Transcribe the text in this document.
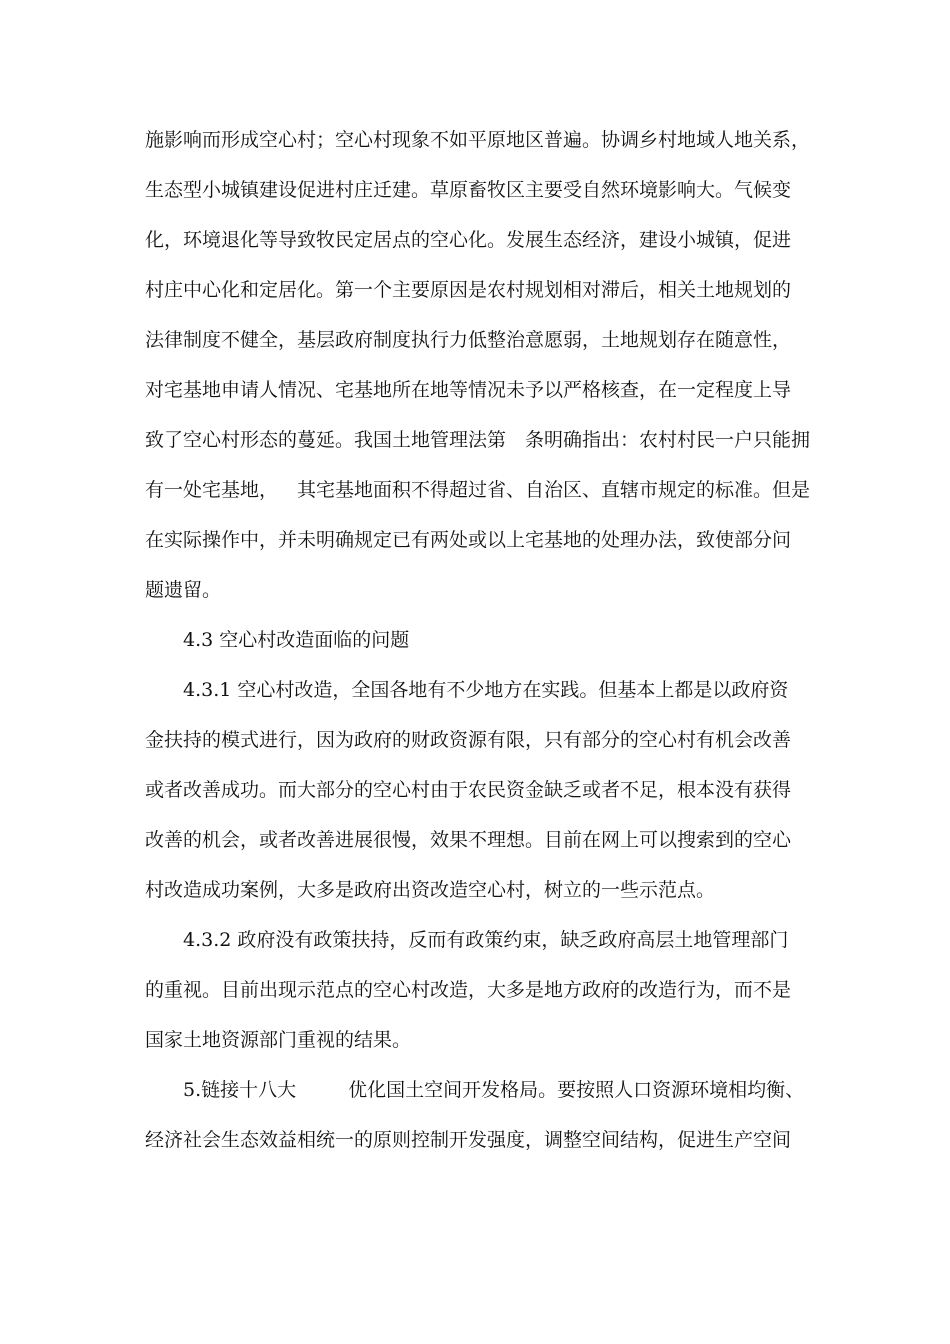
施影响而形成空心村；空心村现象不如平原地区普遍。协调乡村地域人地关系，
生态型小城镇建设促进村庄迁建。草原畜牧区主要受自然环境影响大。气候变
化，环境退化等导致牧民定居点的空心化。发展生态经济，建设小城镇，促进
村庄中心化和定居化。第一个主要原因是农村规划相对滞后，相关土地规划的
法律制度不健全，基层政府制度执行力低整治意愿弱，土地规划存在随意性，
对宅基地申请人情况、宅基地所在地等情况未予以严格核查，在一定程度上导
致了空心村形态的蔓延。我国土地管理法第 条明确指出：农村村民一户只能拥
有一处宅基地， 其宅基地面积不得超过省、自治区、直辖市规定的标准。但是
在实际操作中，并未明确规定已有两处或以上宅基地的处理办法，致使部分问
题遗留。
4.3 空心村改造面临的问题
4.3.1 空心村改造，全国各地有不少地方在实践。但基本上都是以政府资
金扶持的模式进行，因为政府的财政资源有限，只有部分的空心村有机会改善
或者改善成功。而大部分的空心村由于农民资金缺乏或者不足，根本没有获得
改善的机会，或者改善进展很慢，效果不理想。目前在网上可以搜索到的空心
村改造成功案例，大多是政府出资改造空心村，树立的一些示范点。
4.3.2 政府没有政策扶持，反而有政策约束，缺乏政府高层土地管理部门
的重视。目前出现示范点的空心村改造，大多是地方政府的改造行为，而不是
国家土地资源部门重视的结果。
5.链接十八大	优化国土空间开发格局。要按照人口资源环境相均衡、
经济社会生态效益相统一的原则控制开发强度，调整空间结构，促进生产空间
